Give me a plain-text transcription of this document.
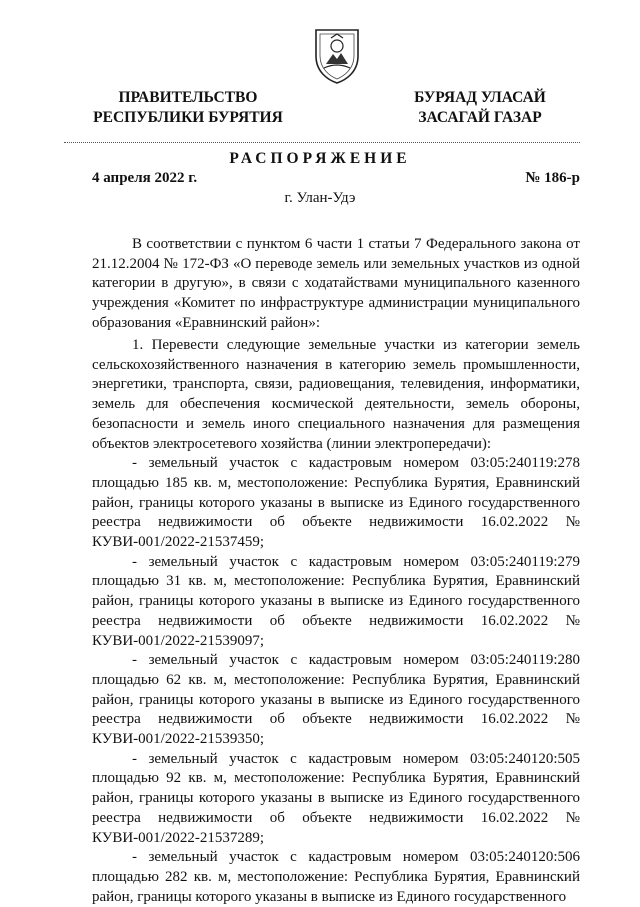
ПРАВИТЕЛЬСТВО
РЕСПУБЛИКИ БУРЯТИЯ
БУРЯАД УЛАСАЙ
ЗАСАГАЙ ГАЗАР
РАСПОРЯЖЕНИЕ
4 апреля 2022 г.	№ 186-р
г. Улан-Удэ

В соответствии с пунктом 6 части 1 статьи 7 Федерального закона от 21.12.2004 № 172-ФЗ «О переводе земель или земельных участков из одной категории в другую», в связи с ходатайствами муниципального казенного учреждения «Комитет по инфраструктуре администрации муниципального образования «Еравнинский район»:

1. Перевести следующие земельные участки из категории земель сельскохозяйственного назначения в категорию земель промышленности, энергетики, транспорта, связи, радиовещания, телевидения, информатики, земель для обеспечения космической деятельности, земель обороны, безопасности и земель иного специального назначения для размещения объектов электросетевого хозяйства (линии электропередачи):

- земельный участок с кадастровым номером 03:05:240119:278 площадью 185 кв. м, местоположение: Республика Бурятия, Еравнинский район, границы которого указаны в выписке из Единого государственного реестра недвижимости об объекте недвижимости 16.02.2022 № КУВИ-001/2022-21537459;

- земельный участок с кадастровым номером 03:05:240119:279 площадью 31 кв. м, местоположение: Республика Бурятия, Еравнинский район, границы которого указаны в выписке из Единого государственного реестра недвижимости об объекте недвижимости 16.02.2022 № КУВИ-001/2022-21539097;

- земельный участок с кадастровым номером 03:05:240119:280 площадью 62 кв. м, местоположение: Республика Бурятия, Еравнинский район, границы которого указаны в выписке из Единого государственного реестра недвижимости об объекте недвижимости 16.02.2022 № КУВИ-001/2022-21539350;

- земельный участок с кадастровым номером 03:05:240120:505 площадью 92 кв. м, местоположение: Республика Бурятия, Еравнинский район, границы которого указаны в выписке из Единого государственного реестра недвижимости об объекте недвижимости 16.02.2022 № КУВИ-001/2022-21537289;

- земельный участок с кадастровым номером 03:05:240120:506 площадью 282 кв. м, местоположение: Республика Бурятия, Еравнинский район, границы которого указаны в выписке из Единого государственного
